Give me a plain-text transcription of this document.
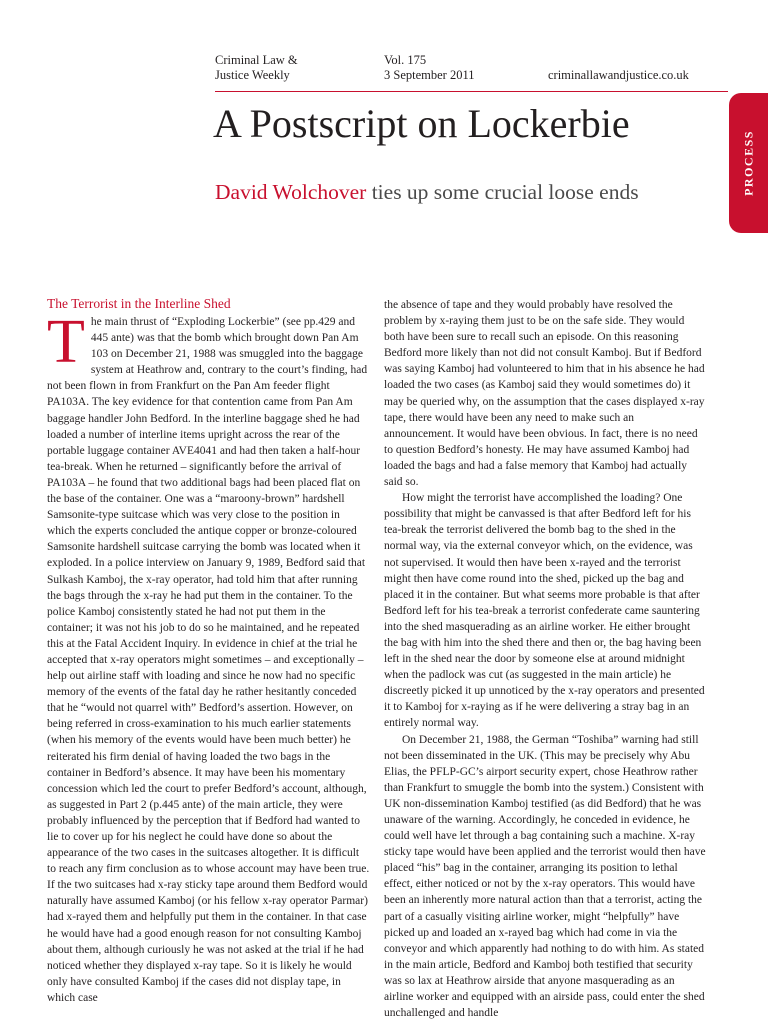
Criminal Law &
Justice Weekly
Vol. 175
3 September 2011	criminallawandjustice.co.uk
PROCESS
A Postscript on Lockerbie
David Wolchover ties up some crucial loose ends
The Terrorist in the Interline Shed

The main thrust of “Exploding Lockerbie” (see pp.429 and 445 ante) was that the bomb which brought down Pan Am 103 on December 21, 1988 was smuggled into the baggage system at Heathrow and, contrary to the court’s finding, had not been flown in from Frankfurt on the Pan Am feeder flight PA103A. The key evidence for that contention came from Pan Am baggage handler John Bedford. In the interline baggage shed he had loaded a number of interline items upright across the rear of the portable luggage container AVE4041 and had then taken a half-hour tea-break. When he returned – significantly before the arrival of PA103A – he found that two additional bags had been placed flat on the base of the container. One was a “maroony-brown” hardshell Samsonite-type suitcase which was very close to the position in which the experts concluded the antique copper or bronze-coloured Samsonite hardshell suitcase carrying the bomb was located when it exploded. In a police interview on January 9, 1989, Bedford said that Sulkash Kamboj, the x-ray operator, had told him that after running the bags through the x-ray he had put them in the container. To the police Kamboj consistently stated he had not put them in the container; it was not his job to do so he maintained, and he repeated this at the Fatal Accident Inquiry. In evidence in chief at the trial he accepted that x-ray operators might sometimes – and exceptionally – help out airline staff with loading and since he now had no specific memory of the events of the fatal day he rather hesitantly conceded that he “would not quarrel with” Bedford’s assertion. However, on being referred in cross-examination to his much earlier statements (when his memory of the events would have been much better) he reiterated his firm denial of having loaded the two bags in the container in Bedford’s absence. It may have been his momentary concession which led the court to prefer Bedford’s account, although, as suggested in Part 2 (p.445 ante) of the main article, they were probably influenced by the perception that if Bedford had wanted to lie to cover up for his neglect he could have done so about the appearance of the two cases in the suitcases altogether. It is difficult to reach any firm conclusion as to whose account may have been true. If the two suitcases had x-ray sticky tape around them Bedford would naturally have assumed Kamboj (or his fellow x-ray operator Parmar) had x-rayed them and helpfully put them in the container. In that case he would have had a good enough reason for not consulting Kamboj about them, although curiously he was not asked at the trial if he had noticed whether they displayed x-ray tape. So it is likely he would only have consulted Kamboj if the cases did not display tape, in which case

the absence of tape and they would probably have resolved the problem by x-raying them just to be on the safe side. They would both have been sure to recall such an episode. On this reasoning Bedford more likely than not did not consult Kamboj. But if Bedford was saying Kamboj had volunteered to him that in his absence he had loaded the two cases (as Kamboj said they would sometimes do) it may be queried why, on the assumption that the cases displayed x-ray tape, there would have been any need to make such an announcement. It would have been obvious. In fact, there is no need to question Bedford’s honesty. He may have assumed Kamboj had loaded the bags and had a false memory that Kamboj had actually said so.

How might the terrorist have accomplished the loading? One possibility that might be canvassed is that after Bedford left for his tea-break the terrorist delivered the bomb bag to the shed in the normal way, via the external conveyor which, on the evidence, was not supervised. It would then have been x-rayed and the terrorist might then have come round into the shed, picked up the bag and placed it in the container. But what seems more probable is that after Bedford left for his tea-break a terrorist confederate came sauntering into the shed masquerading as an airline worker. He either brought the bag with him into the shed there and then or, the bag having been left in the shed near the door by someone else at around midnight when the padlock was cut (as suggested in the main article) he discreetly picked it up unnoticed by the x-ray operators and presented it to Kamboj for x-raying as if he were delivering a stray bag in an entirely normal way.

On December 21, 1988, the German “Toshiba” warning had still not been disseminated in the UK. (This may be precisely why Abu Elias, the PFLP-GC’s airport security expert, chose Heathrow rather than Frankfurt to smuggle the bomb into the system.) Consistent with UK non-dissemination Kamboj testified (as did Bedford) that he was unaware of the warning. Accordingly, he conceded in evidence, he could well have let through a bag containing such a machine. X-ray sticky tape would have been applied and the terrorist would then have placed “his” bag in the container, arranging its position to lethal effect, either noticed or not by the x-ray operators. This would have been an inherently more natural action than that a terrorist, acting the part of a casually visiting airline worker, might “helpfully” have picked up and loaded an x-rayed bag which had come in via the conveyor and which apparently had nothing to do with him. As stated in the main article, Bedford and Kamboj both testified that security was so lax at Heathrow airside that anyone masquerading as an airline worker and equipped with an airside pass, could enter the shed unchallenged and handle
